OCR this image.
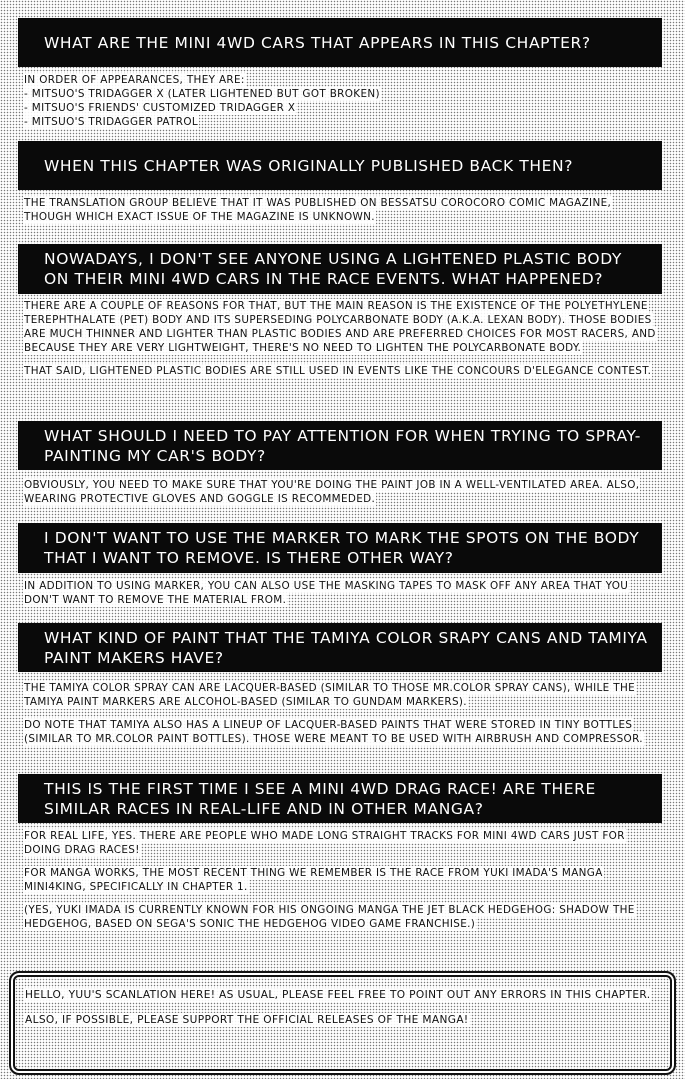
WHAT ARE THE MINI 4WD CARS THAT APPEARS IN THIS CHAPTER?

IN ORDER OF APPEARANCES, THEY ARE:
- MITSUO'S TRIDAGGER X (LATER LIGHTENED BUT GOT BROKEN)
- MITSUO'S FRIENDS' CUSTOMIZED TRIDAGGER X
- MITSUO'S TRIDAGGER PATROL

WHEN THIS CHAPTER WAS ORIGINALLY PUBLISHED BACK THEN?

THE TRANSLATION GROUP BELIEVE THAT IT WAS PUBLISHED ON BESSATSU COROCORO COMIC MAGAZINE, THOUGH WHICH EXACT ISSUE OF THE MAGAZINE IS UNKNOWN.

NOWADAYS, I DON'T SEE ANYONE USING A LIGHTENED PLASTIC BODY ON THEIR MINI 4WD CARS IN THE RACE EVENTS. WHAT HAPPENED?

THERE ARE A COUPLE OF REASONS FOR THAT, BUT THE MAIN REASON IS THE EXISTENCE OF THE POLYETHYLENE TEREPHTHALATE (PET) BODY AND ITS SUPERSEDING POLYCARBONATE BODY (A.K.A. LEXAN BODY). THOSE BODIES ARE MUCH THINNER AND LIGHTER THAN PLASTIC BODIES AND ARE PREFERRED CHOICES FOR MOST RACERS, AND BECAUSE THEY ARE VERY LIGHTWEIGHT, THERE'S NO NEED TO LIGHTEN THE POLYCARBONATE BODY.

THAT SAID, LIGHTENED PLASTIC BODIES ARE STILL USED IN EVENTS LIKE THE CONCOURS D'ELEGANCE CONTEST.

WHAT SHOULD I NEED TO PAY ATTENTION FOR WHEN TRYING TO SPRAY-PAINTING MY CAR'S BODY?

OBVIOUSLY, YOU NEED TO MAKE SURE THAT YOU'RE DOING THE PAINT JOB IN A WELL-VENTILATED AREA. ALSO, WEARING PROTECTIVE GLOVES AND GOGGLE IS RECOMMEDED.

I DON'T WANT TO USE THE MARKER TO MARK THE SPOTS ON THE BODY THAT I WANT TO REMOVE. IS THERE OTHER WAY?

IN ADDITION TO USING MARKER, YOU CAN ALSO USE THE MASKING TAPES TO MASK OFF ANY AREA THAT YOU DON'T WANT TO REMOVE THE MATERIAL FROM.

WHAT KIND OF PAINT THAT THE TAMIYA COLOR SRAPY CANS AND TAMIYA PAINT MAKERS HAVE?

THE TAMIYA COLOR SPRAY CAN ARE LACQUER-BASED (SIMILAR TO THOSE MR.COLOR SPRAY CANS), WHILE THE TAMIYA PAINT MARKERS ARE ALCOHOL-BASED (SIMILAR TO GUNDAM MARKERS).

DO NOTE THAT TAMIYA ALSO HAS A LINEUP OF LACQUER-BASED PAINTS THAT WERE STORED IN TINY BOTTLES (SIMILAR TO MR.COLOR PAINT BOTTLES). THOSE WERE MEANT TO BE USED WITH AIRBRUSH AND COMPRESSOR.

THIS IS THE FIRST TIME I SEE A MINI 4WD DRAG RACE! ARE THERE SIMILAR RACES IN REAL-LIFE AND IN OTHER MANGA?

FOR REAL LIFE, YES. THERE ARE PEOPLE WHO MADE LONG STRAIGHT TRACKS FOR MINI 4WD CARS JUST FOR DOING DRAG RACES!

FOR MANGA WORKS, THE MOST RECENT THING WE REMEMBER IS THE RACE FROM YUKI IMADA'S MANGA MINI4KING, SPECIFICALLY IN CHAPTER 1.

(YES, YUKI IMADA IS CURRENTLY KNOWN FOR HIS ONGOING MANGA THE JET BLACK HEDGEHOG: SHADOW THE HEDGEHOG, BASED ON SEGA'S SONIC THE HEDGEHOG VIDEO GAME FRANCHISE.)

HELLO, YUU'S SCANLATION HERE! AS USUAL, PLEASE FEEL FREE TO POINT OUT ANY ERRORS IN THIS CHAPTER.

ALSO, IF POSSIBLE, PLEASE SUPPORT THE OFFICIAL RELEASES OF THE MANGA!
